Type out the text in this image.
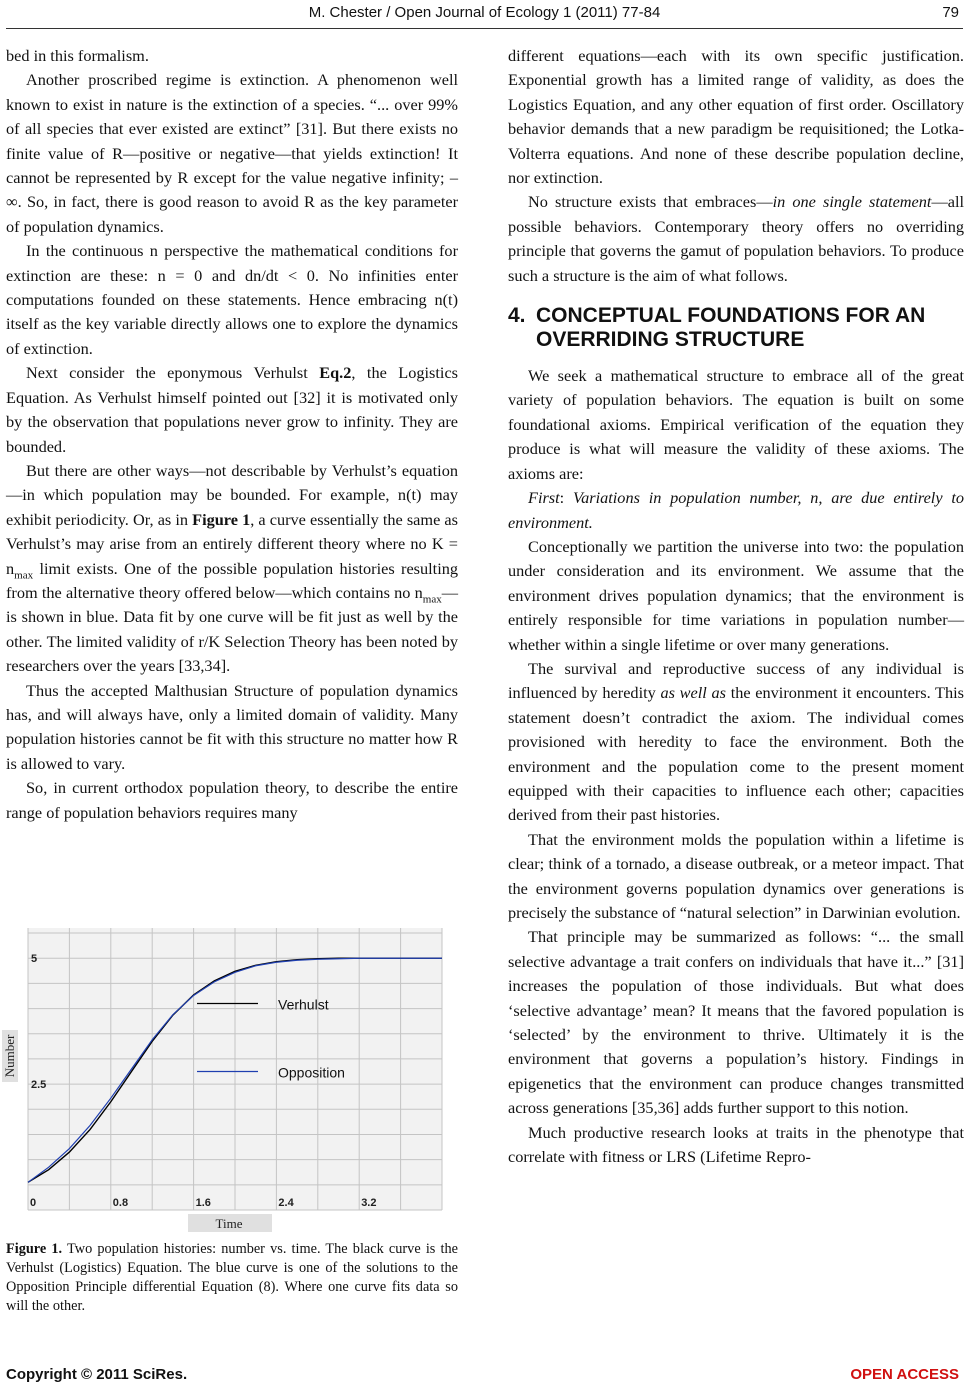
M. Chester / Open Journal of Ecology 1 (2011) 77-84	79

bed in this formalism.

Another proscribed regime is extinction. A phenomenon well known to exist in nature is the extinction of a species. “... over 99% of all species that ever existed are extinct” [31]. But there exists no finite value of R—positive or negative—that yields extinction! It cannot be represented by R except for the value negative infinity; –∞. So, in fact, there is good reason to avoid R as the key parameter of population dynamics.

In the continuous n perspective the mathematical conditions for extinction are these: n = 0 and dn/dt < 0. No infinities enter computations founded on these statements. Hence embracing n(t) itself as the key variable directly allows one to explore the dynamics of extinction.

Next consider the eponymous Verhulst Eq.2, the Logistics Equation. As Verhulst himself pointed out [32] it is motivated only by the observation that populations never grow to infinity. They are bounded.

But there are other ways—not describable by Verhulst’s equation—in which population may be bounded. For example, n(t) may exhibit periodicity. Or, as in Figure 1, a curve essentially the same as Verhulst’s may arise from an entirely different theory where no $K = n_{max}$ limit exists. One of the possible population histories resulting from the alternative theory offered below—which contains no $n_{max}—is$ shown in blue. Data fit by one curve will be fit just as well by the other. The limited validity of r/K Selection Theory has been noted by researchers over the years [33,34].

Thus the accepted Malthusian Structure of population dynamics has, and will always have, only a limited domain of validity. Many population histories cannot be fit with this structure no matter how R is allowed to vary.

So, in current orthodox population theory, to describe the entire range of population behaviors requires many

0	0.8	1.6	2.4	3.2
2.5
5
Verhulst
Opposition
Number
Time
Figure 1. Two population histories: number vs. time. The black curve is the Verhulst (Logistics) Equation. The blue curve is one of the solutions to the Opposition Principle differential Equation (8). Where one curve fits data so will the other.

different equations—each with its own specific justification. Exponential growth has a limited range of validity, as does the Logistics Equation, and any other equation of first order. Oscillatory behavior demands that a new paradigm be requisitioned; the Lotka-Volterra equations. And none of these describe population decline, nor extinction.

No structure exists that embraces—in one single statement—all possible behaviors. Contemporary theory offers no overriding principle that governs the gamut of population behaviors. To produce such a structure is the aim of what follows.

4. CONCEPTUAL FOUNDATIONS FOR AN OVERRIDING STRUCTURE

We seek a mathematical structure to embrace all of the great variety of population behaviors. The equation is built on some foundational axioms. Empirical verification of the equation they produce is what will measure the validity of these axioms. The axioms are:

First: Variations in population number, n, are due entirely to environment.

Conceptionally we partition the universe into two: the population under consideration and its environment. We assume that the environment drives population dynamics; that the environment is entirely responsible for time variations in population number—whether within a single lifetime or over many generations.

The survival and reproductive success of any individual is influenced by heredity as well as the environment it encounters. This statement doesn’t contradict the axiom. The individual comes provisioned with heredity to face the environment. Both the environment and the population come to the present moment equipped with their capacities to influence each other; capacities derived from their past histories.

That the environment molds the population within a lifetime is clear; think of a tornado, a disease outbreak, or a meteor impact. That the environment governs population dynamics over generations is precisely the substance of “natural selection” in Darwinian evolution.

That principle may be summarized as follows: “... the small selective advantage a trait confers on individuals that have it...” [31] increases the population of those individuals. But what does ‘selective advantage’ mean? It means that the favored population is ‘selected’ by the environment to thrive. Ultimately it is the environment that governs a population’s history. Findings in epigenetics that the environment can produce changes transmitted across generations [35,36] adds further support to this notion.

Much productive research looks at traits in the phenotype that correlate with fitness or LRS (Lifetime Repro-

Copyright © 2011 SciRes.	OPEN ACCESS
